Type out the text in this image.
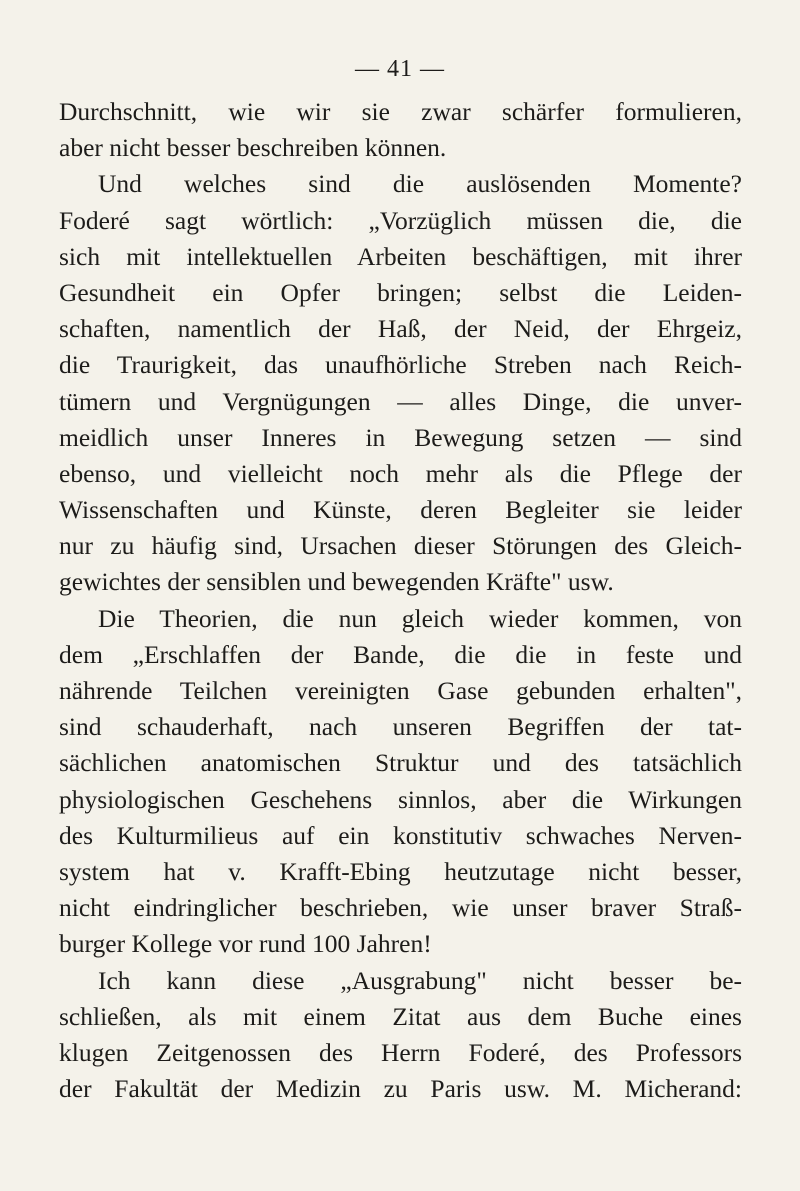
— 41 —
Durchschnitt, wie wir sie zwar schärfer formulieren,
aber nicht besser beschreiben können.
Und welches sind die auslösenden Momente?
Foderé sagt wörtlich: „Vorzüglich müssen die, die
sich mit intellektuellen Arbeiten beschäftigen, mit ihrer
Gesundheit ein Opfer bringen; selbst die Leiden-
schaften, namentlich der Haß, der Neid, der Ehrgeiz,
die Traurigkeit, das unaufhörliche Streben nach Reich-
tümern und Vergnügungen — alles Dinge, die unver-
meidlich unser Inneres in Bewegung setzen — sind
ebenso, und vielleicht noch mehr als die Pflege der
Wissenschaften und Künste, deren Begleiter sie leider
nur zu häufig sind, Ursachen dieser Störungen des Gleich-
gewichtes der sensiblen und bewegenden Kräfte" usw.
Die Theorien, die nun gleich wieder kommen, von
dem „Erschlaffen der Bande, die die in feste und
nährende Teilchen vereinigten Gase gebunden erhalten",
sind schauderhaft, nach unseren Begriffen der tat-
sächlichen anatomischen Struktur und des tatsächlich
physiologischen Geschehens sinnlos, aber die Wirkungen
des Kulturmilieus auf ein konstitutiv schwaches Nerven-
system hat v. Krafft-Ebing heutzutage nicht besser,
nicht eindringlicher beschrieben, wie unser braver Straß-
burger Kollege vor rund 100 Jahren!
Ich kann diese „Ausgrabung" nicht besser be-
schließen, als mit einem Zitat aus dem Buche eines
klugen Zeitgenossen des Herrn Foderé, des Professors
der Fakultät der Medizin zu Paris usw. M. Micherand:
